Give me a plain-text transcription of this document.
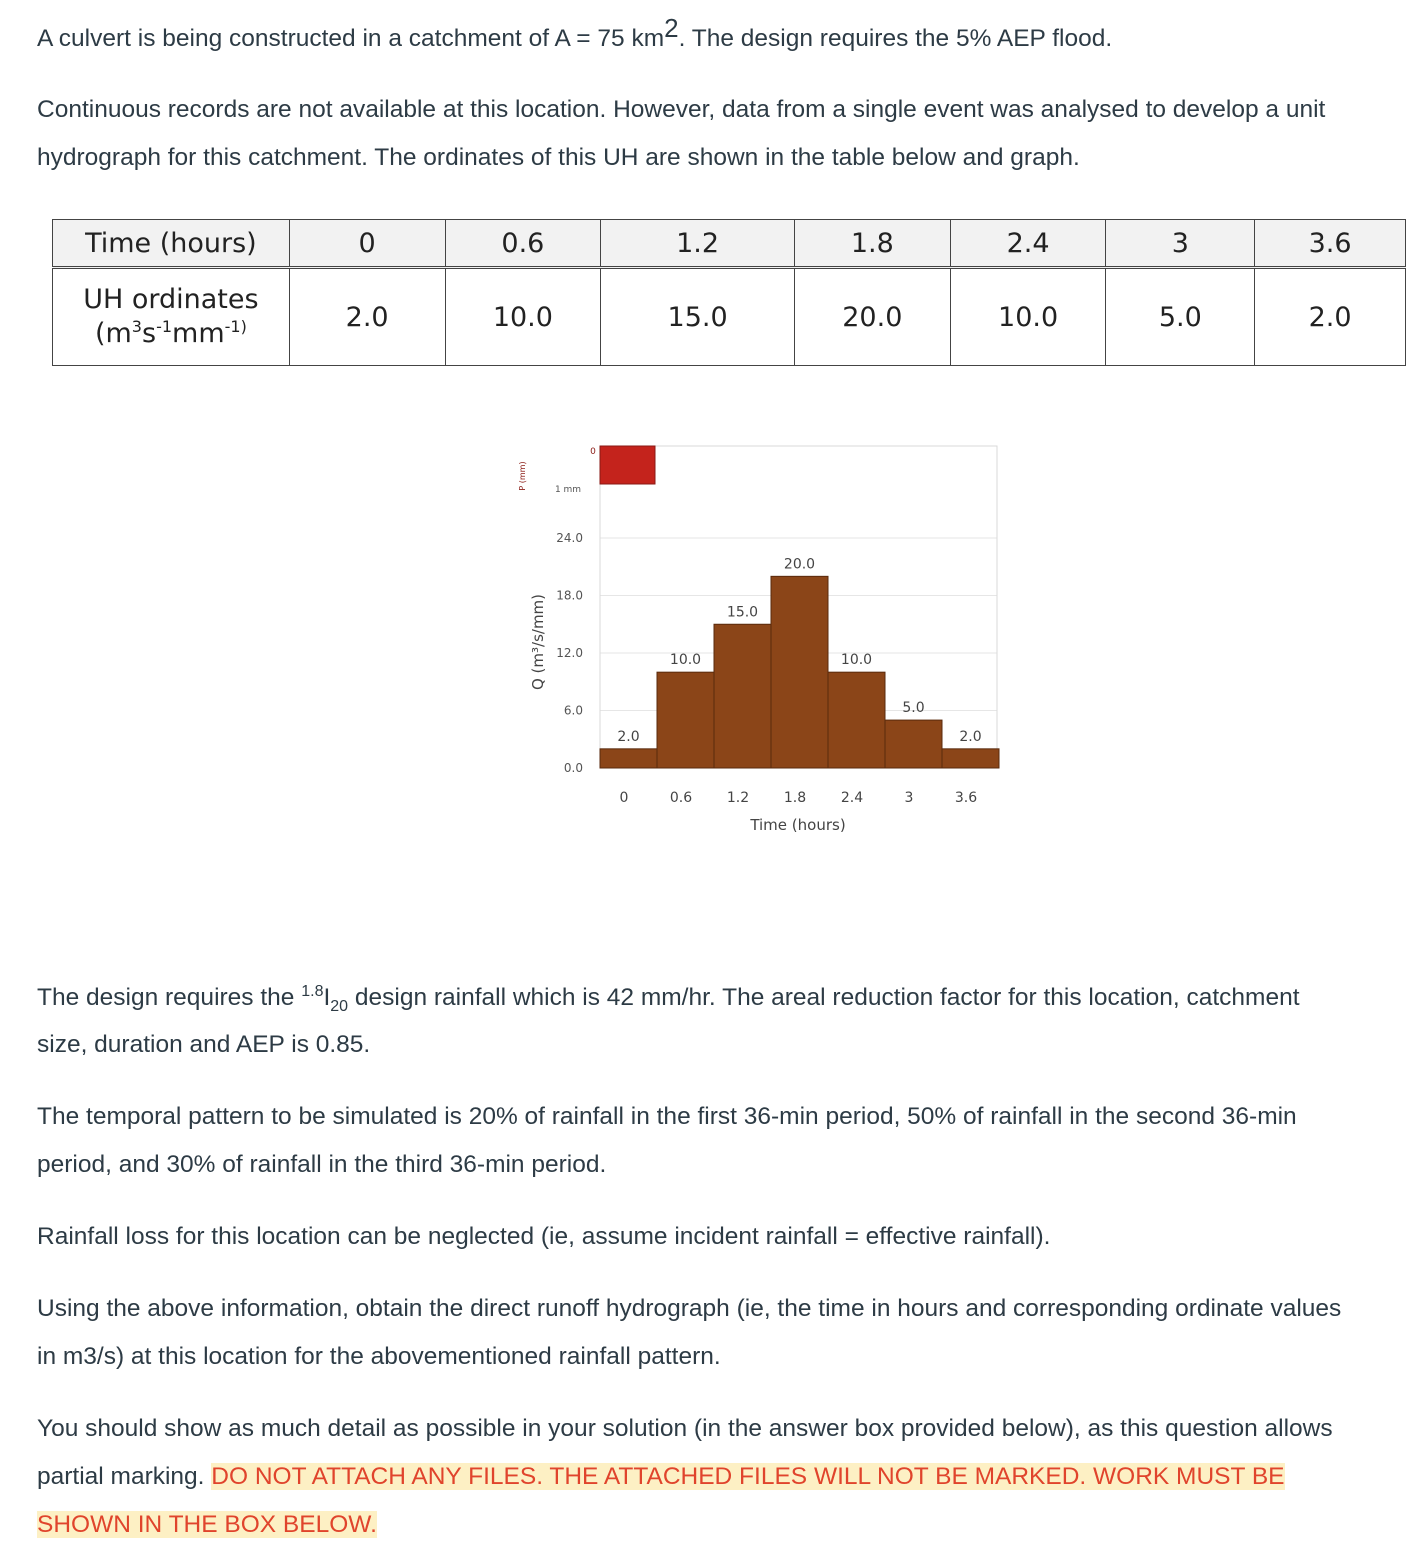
A culvert is being constructed in a catchment of A = 75 $km^2$. The design requires the 5% AEP flood.
Continuous records are not available at this location. However, data from a single event was analysed to develop a unit
hydrograph for this catchment. The ordinates of this UH are shown in the table below and graph.
Time (hours)	0	0.6	1.2	1.8	2.4	3	3.6

UH ordinates
($m^3s^{-1}mm^{-1)}$	2.0	10.0	15.0	20.0	10.0	5.0	2.0
0
1 mm
P (mm)
0.0
6.0
12.0
18.0
24.0
Q (m³/s/mm)
2.0
10.0
15.0
20.0
10.0
5.0
2.0
0	0.6 1.2 1.8 2.4	3	3.6
Time (hours)
The design requires the $^{1.8}I_{20}$ design rainfall which is 42 mm/hr. The areal reduction factor for this location, catchment
size, duration and AEP is 0.85.
The temporal pattern to be simulated is 20% of rainfall in the first 36-min period, 50% of rainfall in the second 36-min
period, and 30% of rainfall in the third 36-min period.
Rainfall loss for this location can be neglected (ie, assume incident rainfall = effective rainfall).
Using the above information, obtain the direct runoff hydrograph (ie, the time in hours and corresponding ordinate values
in m3/s) at this location for the abovementioned rainfall pattern.
You should show as much detail as possible in your solution (in the answer box provided below), as this question allows
partial marking. DO NOT ATTACH ANY FILES. THE ATTACHED FILES WILL NOT BE MARKED. WORK MUST BE
SHOWN IN THE BOX BELOW.
